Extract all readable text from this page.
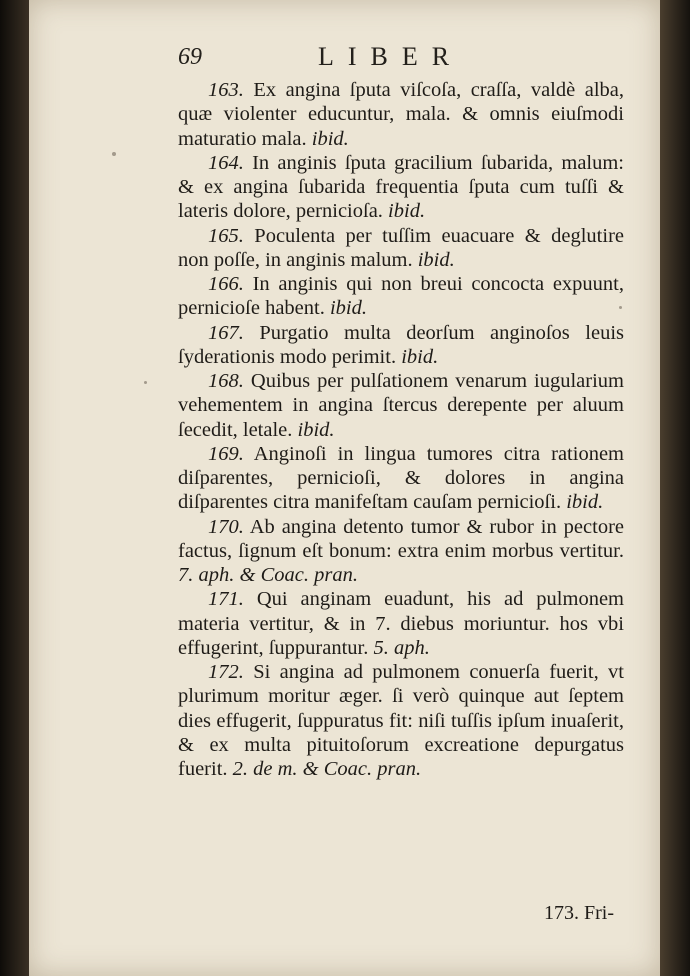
69	LIBER

163. Ex angina ſputa viſcoſa, craſſa, valdè alba, quæ violenter educuntur, mala. & omnis eiuſmodi maturatio mala. ibid.

164. In anginis ſputa gracilium ſubarida, malum: & ex angina ſubarida frequentia ſputa cum tuſſi & lateris dolore, pernicioſa. ibid.

165. Poculenta per tuſſim euacuare & deglutire non poſſe, in anginis malum. ibid.

166. In anginis qui non breui concocta expuunt, pernicioſe habent. ibid.

167. Purgatio multa deorſum anginoſos leuis ſyderationis modo perimit. ibid.

168. Quibus per pulſationem venarum iugularium vehementem in angina ſtercus derepente per aluum ſecedit, letale. ibid.

169. Anginoſi in lingua tumores citra rationem diſparentes, pernicioſi, & dolores in angina diſparentes citra manifeſtam cauſam pernicioſi. ibid.

170. Ab angina detento tumor & rubor in pectore factus, ſignum eſt bonum: extra enim morbus vertitur. 7. aph. & Coac. pran.

171. Qui anginam euadunt, his ad pulmonem materia vertitur, & in 7. diebus moriuntur. hos vbi effugerint, ſuppurantur. 5. aph.

172. Si angina ad pulmonem conuerſa fuerit, vt plurimum moritur æger. ſi verò quinque aut ſeptem dies effugerit, ſuppuratus fit: niſi tuſſis ipſum inuaſerit, & ex multa pituitoſorum excreatione depurgatus fuerit. 2. de m. & Coac. pran.

173. Fri-
